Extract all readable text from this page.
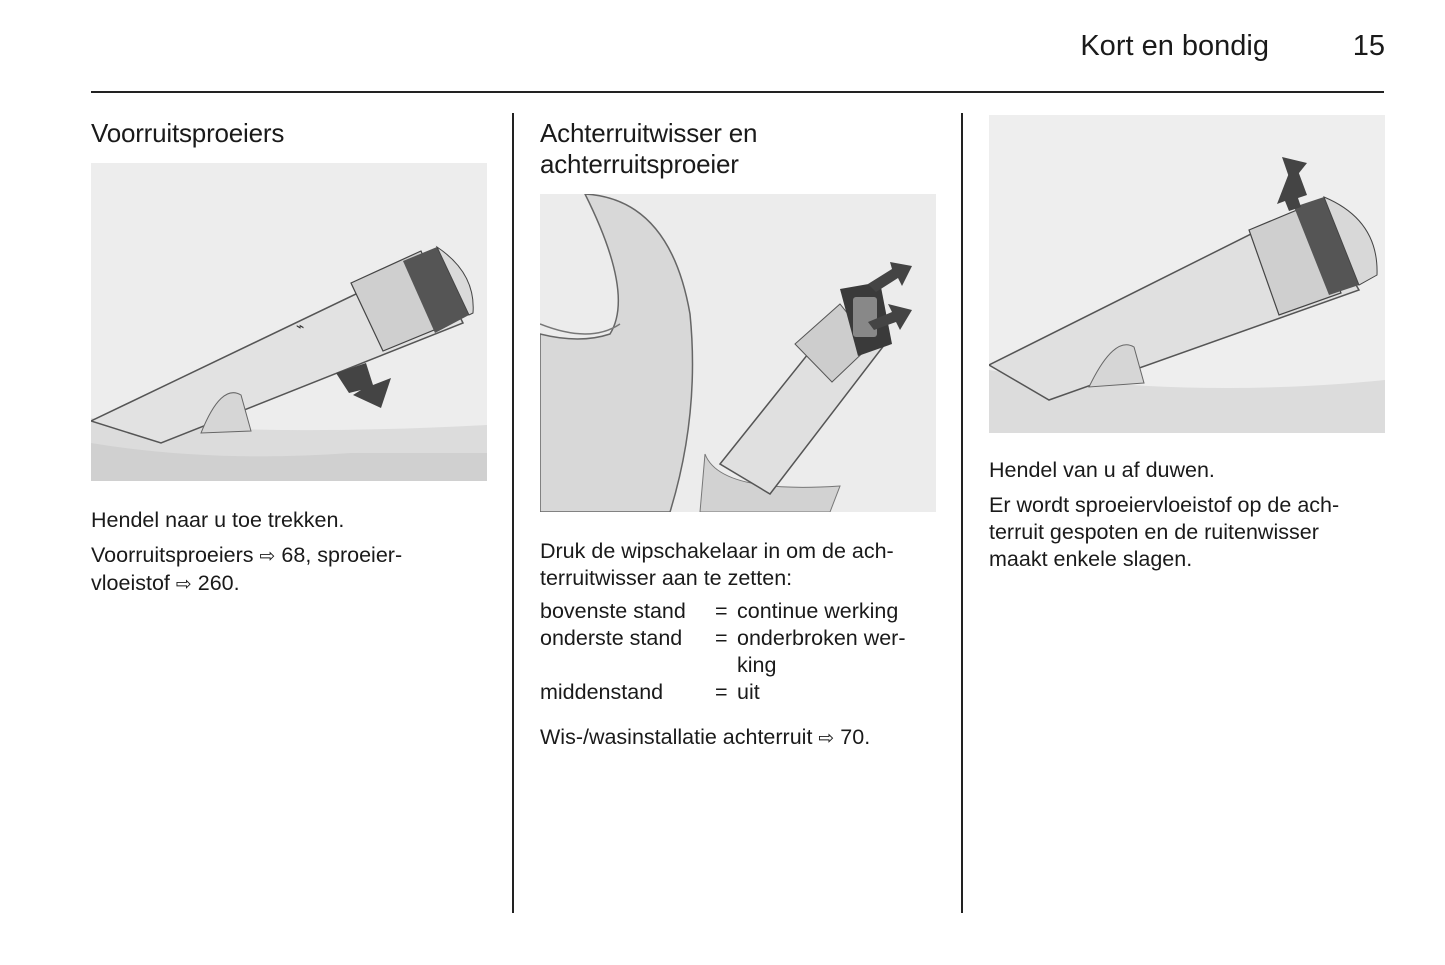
Kort en bondig	15
Voorruitsproeiers
⌁

Hendel naar u toe trekken.

Voorruitsproeiers ⇨ 68, sproeier-
vloeistof ⇨ 260.

Achterruitwisser en
achterruitsproeier

Druk de wipschakelaar in om de ach-
terruitwisser aan te zetten:

bovenste stand	= continue werking
onderste stand	= onderbroken wer-
king
middenstand	= uit

Wis-/wasinstallatie achterruit ⇨ 70.

Hendel van u af duwen.

Er wordt sproeiervloeistof op de ach-
terruit gespoten en de ruitenwisser
maakt enkele slagen.
